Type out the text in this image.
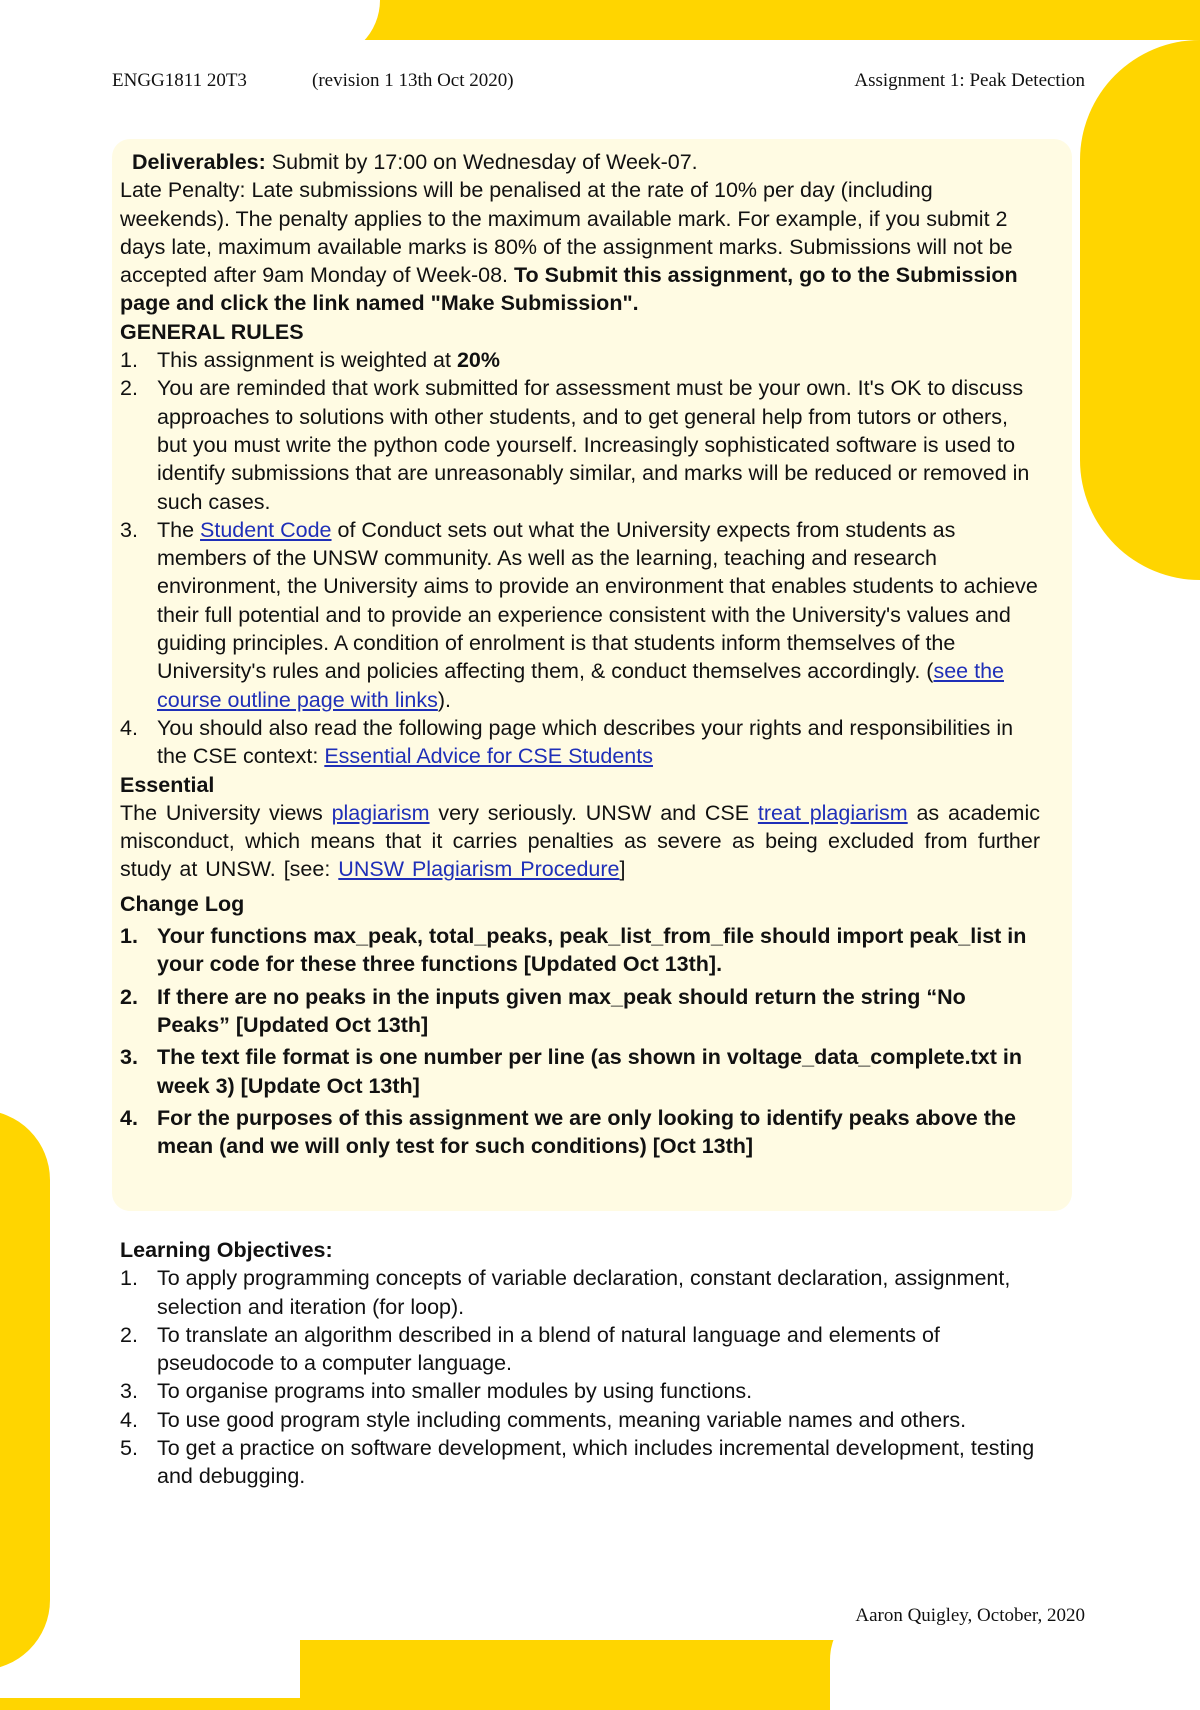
ENGG1811 20T3	(revision 1 13th Oct 2020)	Assignment 1: Peak Detection

Deliverables: Submit by 17:00 on Wednesday of Week-07.

Late Penalty: Late submissions will be penalised at the rate of 10% per day (including weekends). The penalty applies to the maximum available mark. For example, if you submit 2 days late, maximum available marks is 80% of the assignment marks. Submissions will not be accepted after 9am Monday of Week-08. To Submit this assignment, go to the Submission page and click the link named "Make Submission".

GENERAL RULES

1. This assignment is weighted at 20%
2. You are reminded that work submitted for assessment must be your own. It's OK to discuss approaches to solutions with other students, and to get general help from tutors or others, but you must write the python code yourself. Increasingly sophisticated software is used to identify submissions that are unreasonably similar, and marks will be reduced or removed in such cases.
3. The Student Code of Conduct sets out what the University expects from students as members of the UNSW community. As well as the learning, teaching and research environment, the University aims to provide an environment that enables students to achieve their full potential and to provide an experience consistent with the University's values and guiding principles. A condition of enrolment is that students inform themselves of the University's rules and policies affecting them, & conduct themselves accordingly. (see the course outline page with links).
4. You should also read the following page which describes your rights and responsibilities in the CSE context: Essential Advice for CSE Students

Essential

The University views plagiarism very seriously. UNSW and CSE treat plagiarism as academic misconduct, which means that it carries penalties as severe as being excluded from further study at UNSW. [see: UNSW Plagiarism Procedure]

Change Log

1. Your functions max_peak, total_peaks, peak_list_from_file should import peak_list in your code for these three functions [Updated Oct 13th].
2. If there are no peaks in the inputs given max_peak should return the string “No Peaks” [Updated Oct 13th]
3. The text file format is one number per line (as shown in voltage_data_complete.txt in week 3) [Update Oct 13th]
4. For the purposes of this assignment we are only looking to identify peaks above the mean (and we will only test for such conditions) [Oct 13th]

Learning Objectives:

1. To apply programming concepts of variable declaration, constant declaration, assignment, selection and iteration (for loop).
2. To translate an algorithm described in a blend of natural language and elements of pseudocode to a computer language.
3. To organise programs into smaller modules by using functions.
4. To use good program style including comments, meaning variable names and others.
5. To get a practice on software development, which includes incremental development, testing and debugging.
Aaron Quigley, October, 2020
